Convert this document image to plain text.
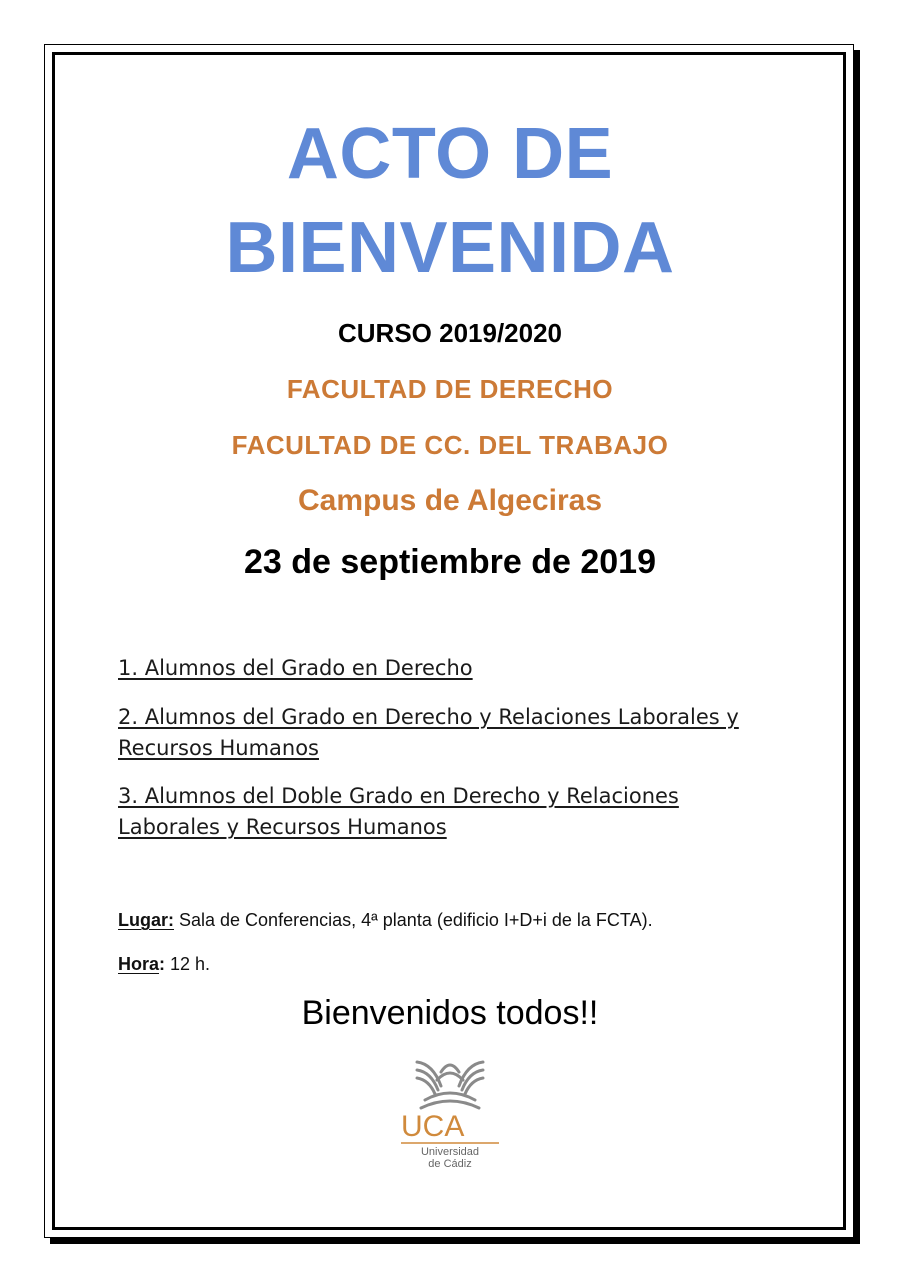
ACTO DE
BIENVENIDA
CURSO 2019/2020
FACULTAD DE DERECHO
FACULTAD DE CC. DEL TRABAJO
Campus de Algeciras
23 de septiembre de 2019
1. Alumnos del Grado en Derecho
2. Alumnos del Grado en Derecho y Relaciones Laborales y
Recursos Humanos
3. Alumnos del Doble Grado en Derecho y Relaciones
Laborales y Recursos Humanos
Lugar: Sala de Conferencias, 4ª planta (edificio I+D+i de la FCTA).
Hora: 12 h.
Bienvenidos todos!!
UCA
Universidad
de Cádiz
